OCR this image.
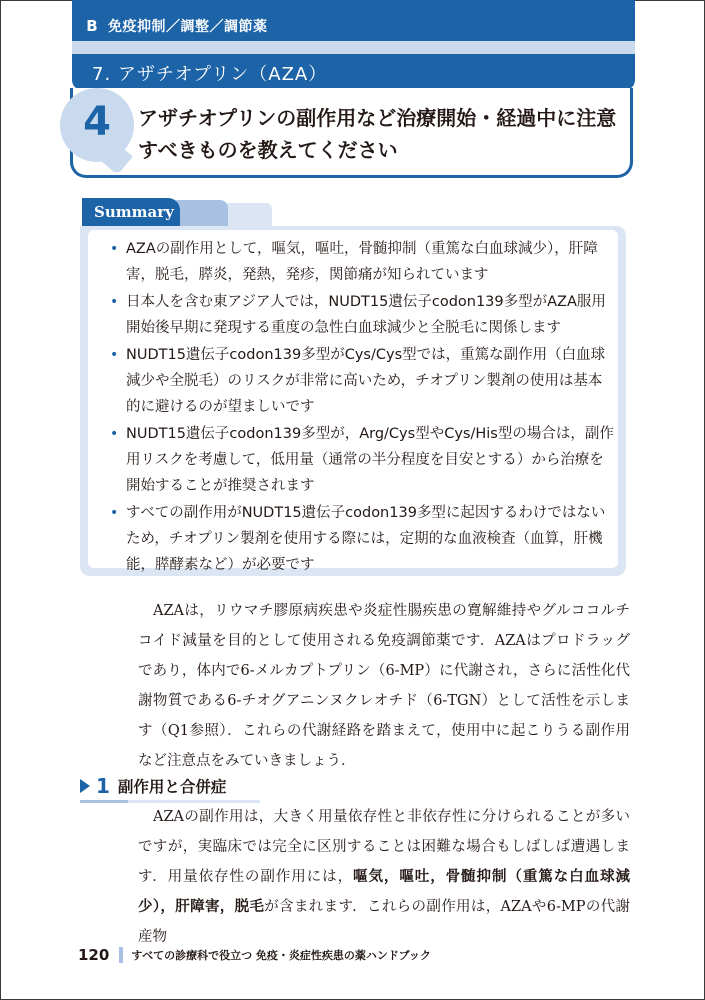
B 免疫抑制／調整／調節薬
7. アザチオプリン（AZA）
4	アザチオプリンの副作用など治療開始・経過中に注意すべきものを教えてください
Summary
• AZAの副作用として，嘔気，嘔吐，骨髄抑制（重篤な白血球減少），肝障害，脱毛，膵炎，発熱，発疹，関節痛が知られています
• 日本人を含む東アジア人では，NUDT15遺伝子codon139多型がAZA服用開始後早期に発現する重度の急性白血球減少と全脱毛に関係します
• NUDT15遺伝子codon139多型がCys/Cys型では，重篤な副作用（白血球減少や全脱毛）のリスクが非常に高いため，チオプリン製剤の使用は基本的に避けるのが望ましいです
• NUDT15遺伝子codon139多型が，Arg/Cys型やCys/His型の場合は，副作用リスクを考慮して，低用量（通常の半分程度を目安とする）から治療を開始することが推奨されます
• すべての副作用がNUDT15遺伝子codon139多型に起因するわけではないため，チオプリン製剤を使用する際には，定期的な血液検査（血算，肝機能，膵酵素など）が必要です

AZAは，リウマチ膠原病疾患や炎症性腸疾患の寛解維持やグルココルチコイド減量を目的として使用される免疫調節薬です．AZAはプロドラッグであり，体内で6-メルカプトプリン（6-MP）に代謝され，さらに活性化代謝物質である6-チオグアニンヌクレオチド（6-TGN）として活性を示します（Q1参照）．これらの代謝経路を踏まえて，使用中に起こりうる副作用など注意点をみていきましょう．

1 副作用と合併症

AZAの副作用は，大きく用量依存性と非依存性に分けられることが多いですが，実臨床では完全に区別することは困難な場合もしばしば遭遇します．用量依存性の副作用には，嘔気，嘔吐，骨髄抑制（重篤な白血球減少），肝障害，脱毛が含まれます．これらの副作用は，AZAや6-MPの代謝産物

120 すべての診療科で役立つ 免疫・炎症性疾患の薬ハンドブック
